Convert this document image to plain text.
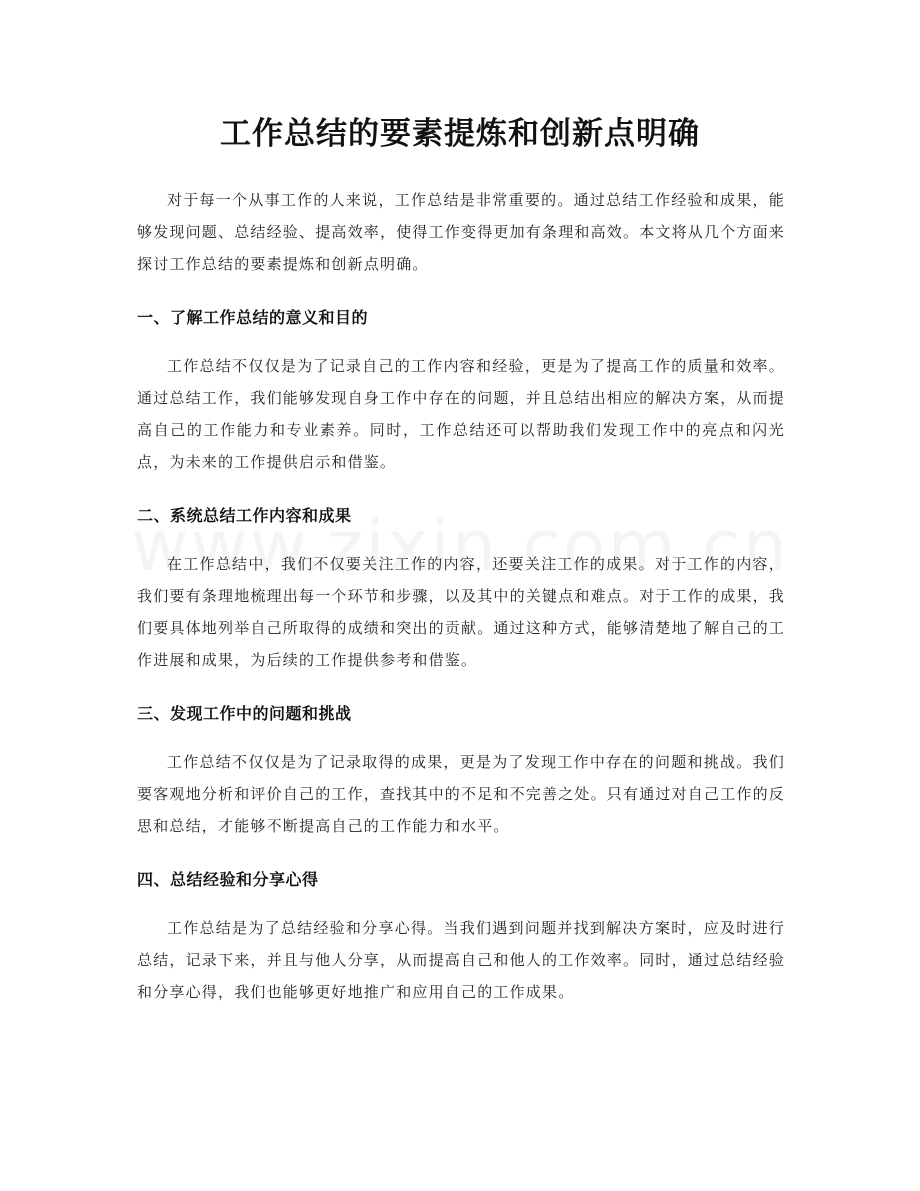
工作总结的要素提炼和创新点明确

对于每一个从事工作的人来说，工作总结是非常重要的。通过总结工作经验和成果，能够发现问题、总结经验、提高效率，使得工作变得更加有条理和高效。本文将从几个方面来探讨工作总结的要素提炼和创新点明确。

一、了解工作总结的意义和目的

工作总结不仅仅是为了记录自己的工作内容和经验，更是为了提高工作的质量和效率。通过总结工作，我们能够发现自身工作中存在的问题，并且总结出相应的解决方案，从而提高自己的工作能力和专业素养。同时，工作总结还可以帮助我们发现工作中的亮点和闪光点，为未来的工作提供启示和借鉴。

二、系统总结工作内容和成果

在工作总结中，我们不仅要关注工作的内容，还要关注工作的成果。对于工作的内容，我们要有条理地梳理出每一个环节和步骤，以及其中的关键点和难点。对于工作的成果，我们要具体地列举自己所取得的成绩和突出的贡献。通过这种方式，能够清楚地了解自己的工作进展和成果，为后续的工作提供参考和借鉴。

三、发现工作中的问题和挑战

工作总结不仅仅是为了记录取得的成果，更是为了发现工作中存在的问题和挑战。我们要客观地分析和评价自己的工作，查找其中的不足和不完善之处。只有通过对自己工作的反思和总结，才能够不断提高自己的工作能力和水平。

四、总结经验和分享心得

工作总结是为了总结经验和分享心得。当我们遇到问题并找到解决方案时，应及时进行总结，记录下来，并且与他人分享，从而提高自己和他人的工作效率。同时，通过总结经验和分享心得，我们也能够更好地推广和应用自己的工作成果。
